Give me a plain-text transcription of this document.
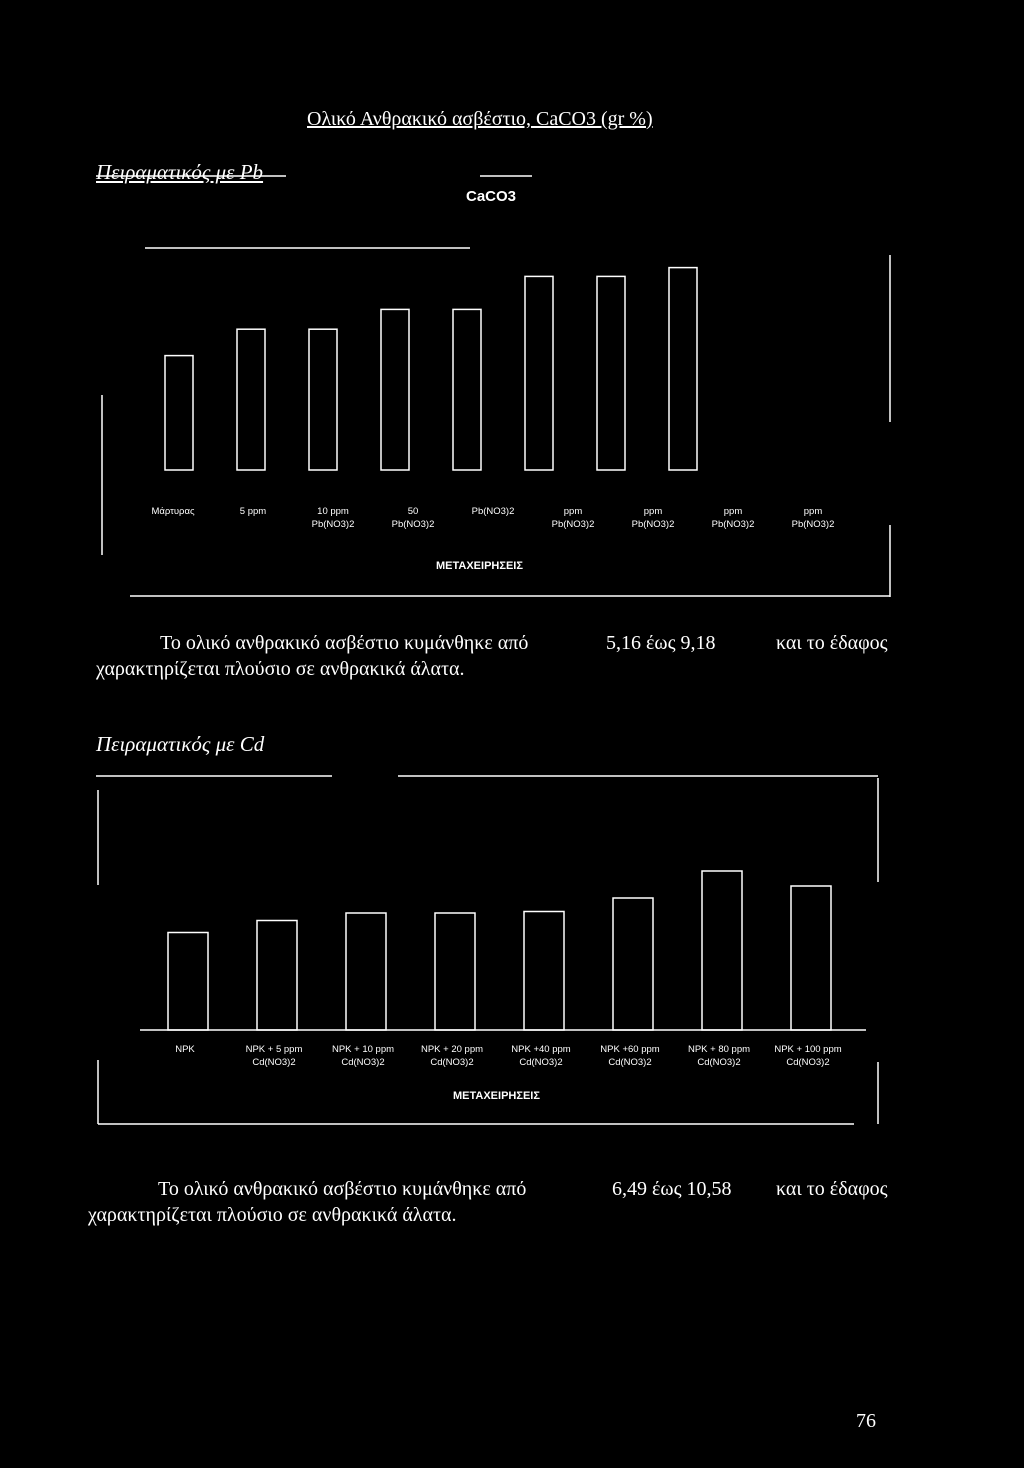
Ολικό Ανθρακικό ασβέστιο, CaCO3 (gr %)
Πειραματικός με Pb
CaCO3
Μάρτυρας	5 ppm	10 ppm
Pb(NO3)2
50
Pb(NO3)2
Pb(NO3)2	ppm
Pb(NO3)2
ppm
Pb(NO3)2
ppm
Pb(NO3)2
ppm
Pb(NO3)2
ΜΕΤΑΧΕΙΡΗΣΕΙΣ
Το ολικό ανθρακικό ασβέστιο κυμάνθηκε από	5,16 έως 9,18	και το έδαφος
χαρακτηρίζεται πλούσιο σε ανθρακικά άλατα.
Πειραματικός με Cd
NPK	NPK + 5 ppm
Cd(NO3)2
NPK + 10 ppm
Cd(NO3)2
NPK + 20 ppm
Cd(NO3)2
NPK +40 ppm
Cd(NO3)2
NPK +60 ppm
Cd(NO3)2
NPK + 80 ppm
Cd(NO3)2
NPK + 100 ppm
Cd(NO3)2
ΜΕΤΑΧΕΙΡΗΣΕΙΣ
Το ολικό ανθρακικό ασβέστιο κυμάνθηκε από	6,49 έως 10,58 και το έδαφος
χαρακτηρίζεται πλούσιο σε ανθρακικά άλατα.
76
